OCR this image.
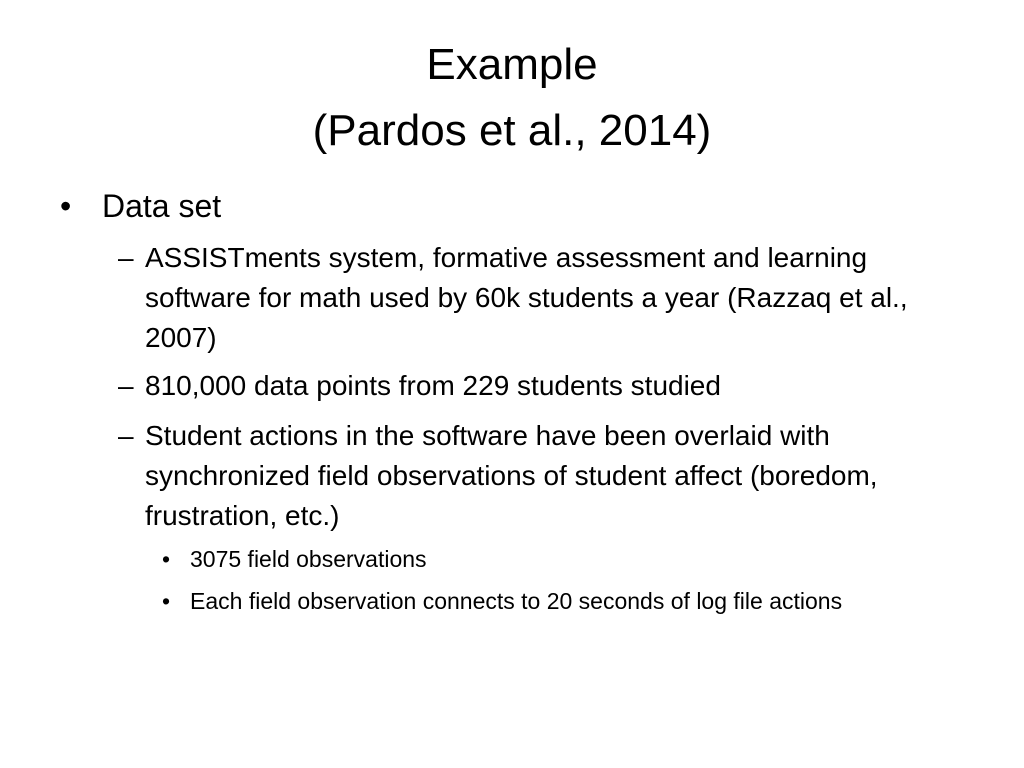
Example
(Pardos et al., 2014)
• Data set
– ASSISTments system, formative assessment and learning software for math used by 60k students a year (Razzaq et al., 2007)
– 810,000 data points from 229 students studied
– Student actions in the software have been overlaid with synchronized field observations of student affect (boredom, frustration, etc.)
• 3075 field observations
• Each field observation connects to 20 seconds of log file actions
